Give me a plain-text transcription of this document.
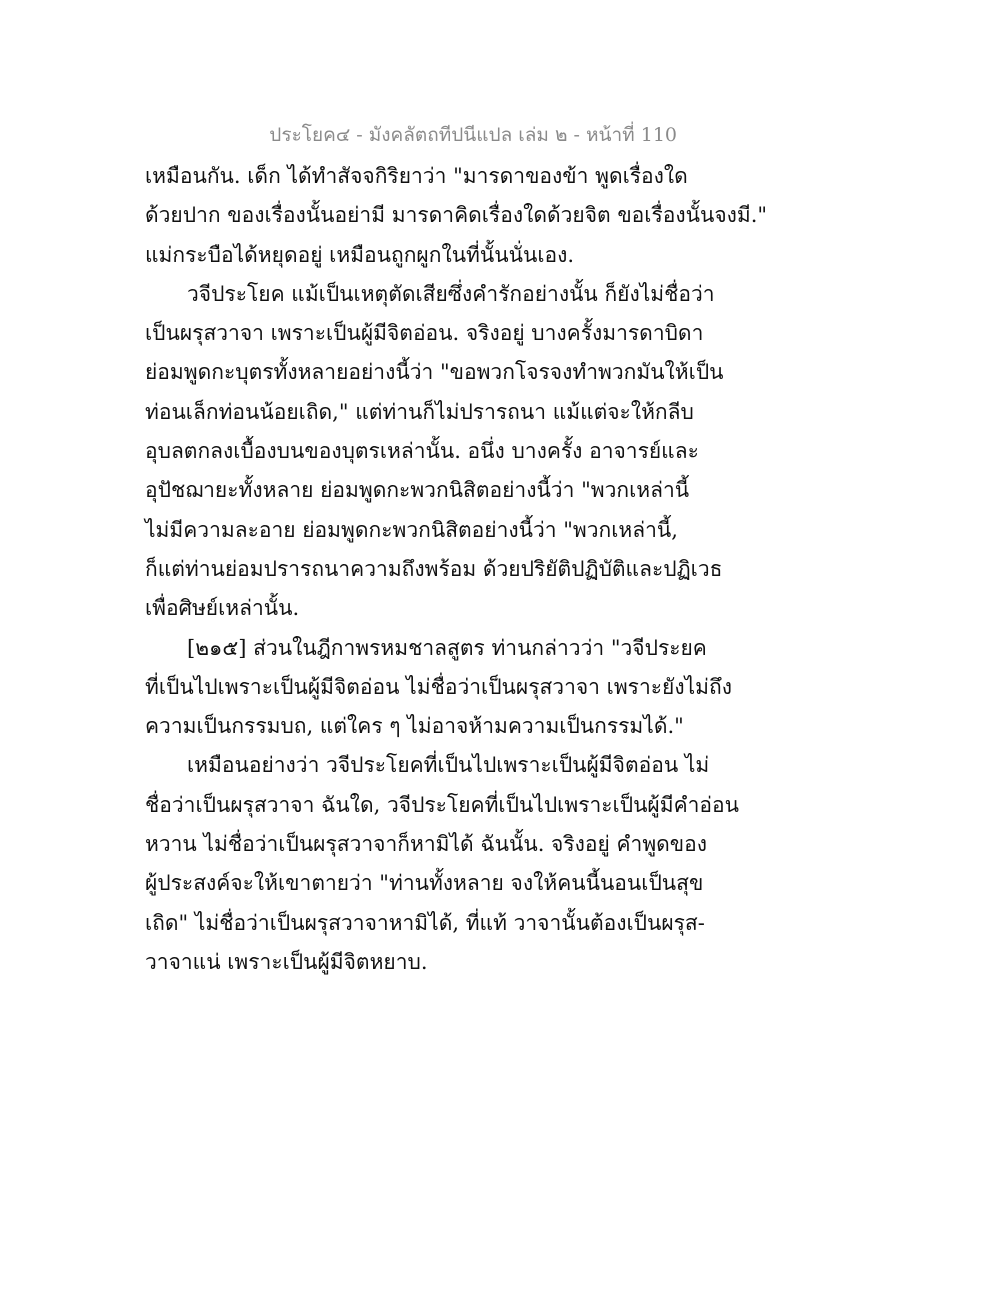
ประโยค๔ - มังคลัตถทีปนีแปล เล่ม ๒ - หน้าที่ 110
เหมือนกัน. เด็ก ได้ทำสัจจกิริยาว่า "มารดาของข้า พูดเรื่องใด
ด้วยปาก ของเรื่องนั้นอย่ามี มารดาคิดเรื่องใดด้วยจิต ขอเรื่องนั้นจงมี."
แม่กระบือได้หยุดอยู่ เหมือนถูกผูกในที่นั้นนั่นเอง.
วจีประโยค แม้เป็นเหตุตัดเสียซึ่งคำรักอย่างนั้น ก็ยังไม่ชื่อว่า
เป็นผรุสวาจา เพราะเป็นผู้มีจิตอ่อน. จริงอยู่ บางครั้งมารดาบิดา
ย่อมพูดกะบุตรทั้งหลายอย่างนี้ว่า "ขอพวกโจรจงทำพวกมันให้เป็น
ท่อนเล็กท่อนน้อยเถิด," แต่ท่านก็ไม่ปรารถนา แม้แต่จะให้กลีบ
อุบลตกลงเบื้องบนของบุตรเหล่านั้น. อนึ่ง บางครั้ง อาจารย์และ
อุปัชฌายะทั้งหลาย ย่อมพูดกะพวกนิสิตอย่างนี้ว่า "พวกเหล่านี้
ไม่มีความละอาย ย่อมพูดกะพวกนิสิตอย่างนี้ว่า "พวกเหล่านี้,
ก็แต่ท่านย่อมปรารถนาความถึงพร้อม ด้วยปริยัติปฏิบัติและปฏิเวธ
เพื่อศิษย์เหล่านั้น.
[๒๑๕] ส่วนในฎีกาพรหมชาลสูตร ท่านกล่าวว่า "วจีประยค
ที่เป็นไปเพราะเป็นผู้มีจิตอ่อน ไม่ชื่อว่าเป็นผรุสวาจา เพราะยังไม่ถึง
ความเป็นกรรมบถ, แต่ใคร ๆ ไม่อาจห้ามความเป็นกรรมได้."
เหมือนอย่างว่า วจีประโยคที่เป็นไปเพราะเป็นผู้มีจิตอ่อน ไม่
ชื่อว่าเป็นผรุสวาจา ฉันใด, วจีประโยคที่เป็นไปเพราะเป็นผู้มีคำอ่อน
หวาน ไม่ชื่อว่าเป็นผรุสวาจาก็หามิได้ ฉันนั้น. จริงอยู่ คำพูดของ
ผู้ประสงค์จะให้เขาตายว่า "ท่านทั้งหลาย จงให้คนนี้นอนเป็นสุข
เถิด" ไม่ชื่อว่าเป็นผรุสวาจาหามิได้, ที่แท้ วาจานั้นต้องเป็นผรุส-
วาจาแน่ เพราะเป็นผู้มีจิตหยาบ.
